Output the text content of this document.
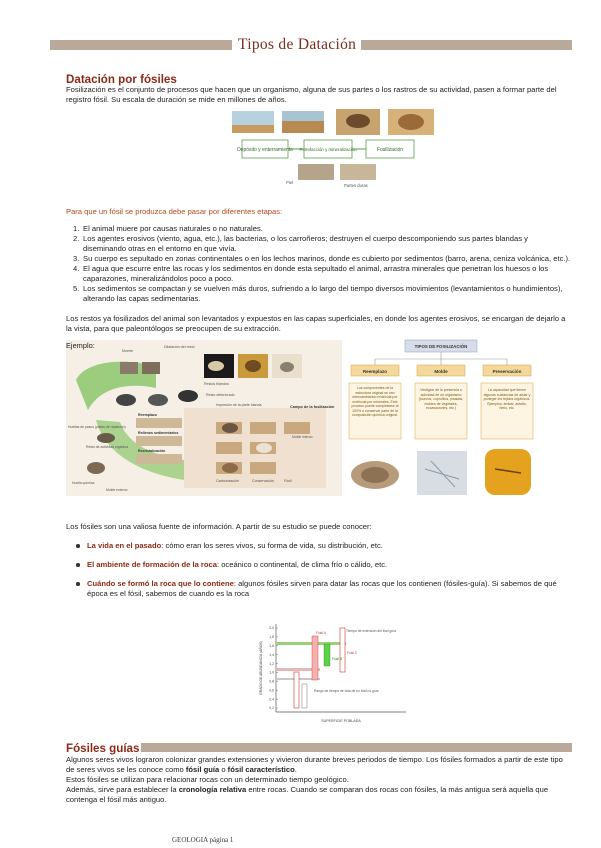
Tipos de Datación
Datación por fósiles

Fosilización es el conjunto de procesos que hacen que un organismo, alguna de sus partes o los rastros de su actividad, pasen a formar parte del registro fósil. Su escala de duración se mide en millones de años.

Depósito y enterramiento Putrefacción y mineralización	Fosilización
Piel
Partes duras

Para que un fósil se produzca debe pasar por diferentes etapas:

1. El animal muere por causas naturales o no naturales.
2. Los agentes erosivos (viento, agua, etc.), las bacterias, o los carroñeros; destruyen el cuerpo descomponiendo sus partes blandas y diseminando otras en el entorno en que vivía.
3. Su cuerpo es sepultado en zonas continentales o en los lechos marinos, donde es cubierto por sedimentos (barro, arena, ceniza volcánica, etc.).
4. El agua que escurre entre las rocas y los sedimentos en donde esta sepultado el animal, arrastra minerales que penetran los huesos o los caparazones, mineralizándolos poco a poco.
5. Los sedimentos se compactan y se vuelven más duros, sufriendo a lo largo del tiempo diversos movimientos (levantamientos o hundimientos), alterando las capas sedimentarias.

Los restos ya fosilizados del animal son levantados y expuestos en las capas superficiales, en donde los agentes erosivos, se encargan de dejarlo a la vista, para que paleontólogos se preocupen de su extracción.

Ejemplo:
Muerte
Dilatación del resto
Restos blandos
Resto deteriorado
Impresión de la parte blanda	Campo de la fosilización
Huellas de pasos (pistas de reptación)
Resto de actividad orgánica
Huella química
Molde externo
Molde interno
Reemplazo
Rellenos sedimentarios
Recristalización
Fósil
Carbonización	Conservación
TIPOS DE FOSILIZACIÓN
Reemplazo	Molde	Preservación
Los componentes de la estructura original se van intercambiando molécula por molécula por minerales. Este proceso puede completarse al 100% o conservar parte de la composición química original.
Vestigios de la presencia o actividad de un organismo (huevos, coprolitos, pisadas, moldes de vegetales, excavaciones, etc.)
La capacidad que tienen algunas sustancias de aislar y proteger los tejidos orgánicos. Ejemplos: ámbar, asfalto, hielo, etc.

Los fósiles son una valiosa fuente de información. A partir de su estudio se puede conocer:

La vida en el pasado: cómo eran los seres vivos, su forma de vida, su distribución, etc.
El ambiente de formación de la roca: oceánico o continental, de clima frío o cálido, etc.
Cuándo se formó la roca que lo contiene: algunos fósiles sirven para datar las rocas que los contienen (fósiles-guía). Si sabemos de qué época es el fósil, sabemos de cuando es la roca
2,0
1,8
1,6
1,4
1,2
1,0
0,8
0,6
0,4
0,2
Tiempo de extensión del fósil guía
Fósil A
Fósil B
Fósil C
Rango de tiempo de vida de un fósil no guía
SUPERFICIE POBLADA
GRADO DE ABUNDANCIA (AÑOS)
Fósiles guías

Algunos seres vivos lograron colonizar grandes extensiones y vivieron durante breves periodos de tiempo. Los fósiles formados a partir de este tipo de seres vivos se les conoce como fósil guía o fósil característico.

Estos fósiles se utilizan para relacionar rocas con un determinado tiempo geológico.

Además, sirve para establecer la cronología relativa entre rocas. Cuando se comparan dos rocas con fósiles, la más antigua será aquella que contenga el fósil más antiguo.

GEOLOGIA página 1
